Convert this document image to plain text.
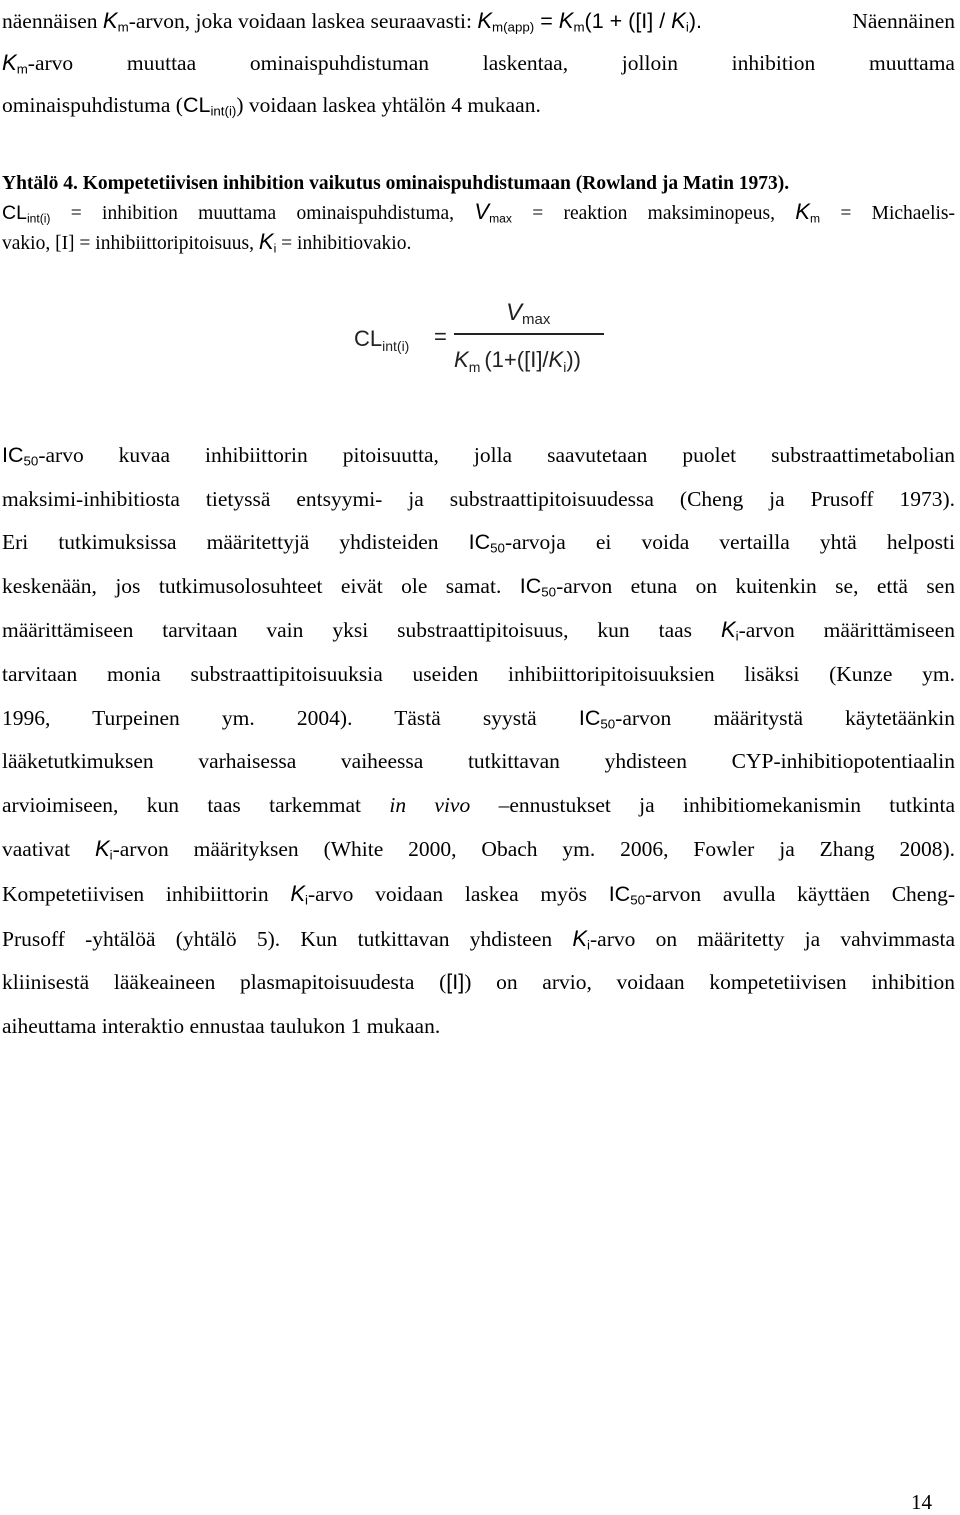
näennäisen $K_m$-arvon, joka voidaan laskea seuraavasti: $K_{m(app)} = K_m(1 + ([I] / K_i)$.	Näennäinen
$K_m$-arvo muuttaa ominaispuhdistuman laskentaa, jolloin inhibition muuttama
ominaispuhdistuma $(CL_{int(i)})$ voidaan laskea yhtälön 4 mukaan.
Yhtälö 4. Kompetetiivisen inhibition vaikutus ominaispuhdistumaan (Rowland ja Matin 1973).
$CL_{int(i)}$ = inhibition muuttama ominaispuhdistuma, $V_{max}$ = reaktion maksiminopeus, $K_m$ = Michaelis-
vakio, [I] = inhibiittoripitoisuus, $K_i$ = inhibitiovakio.
$CL_{int(i)}$ =
Vmax
$K_m$ $(1+([I]/K_i))$
$IC_{50}$-arvo kuvaa inhibiittorin pitoisuutta, jolla saavutetaan puolet substraattimetabolian
maksimi-inhibitiosta tietyssä entsyymi- ja substraattipitoisuudessa (Cheng ja Prusoff 1973).
Eri tutkimuksissa määritettyjä yhdisteiden $IC_{50}$-arvoja ei voida vertailla yhtä helposti
keskenään, jos tutkimusolosuhteet eivät ole samat. $IC_{50}$-arvon etuna on kuitenkin se, että sen
määrittämiseen tarvitaan vain yksi substraattipitoisuus, kun taas $K_i$-arvon määrittämiseen
tarvitaan monia substraattipitoisuuksia useiden inhibiittoripitoisuuksien lisäksi (Kunze ym.
1996, Turpeinen ym. 2004). Tästä syystä $IC_{50}$-arvon määritystä käytetäänkin
lääketutkimuksen varhaisessa vaiheessa tutkittavan yhdisteen CYP-inhibitiopotentiaalin
arvioimiseen, kun taas tarkemmat in vivo –ennustukset ja inhibitiomekanismin tutkinta
vaativat $K_i$-arvon määrityksen (White 2000, Obach ym. 2006, Fowler ja Zhang 2008).
Kompetetiivisen inhibiittorin $K_i$-arvo voidaan laskea myös $IC_{50}$-arvon avulla käyttäen Cheng-
Prusoff -yhtälöä (yhtälö 5). Kun tutkittavan yhdisteen $K_i$-arvo on määritetty ja vahvimmasta
kliinisestä lääkeaineen plasmapitoisuudesta ([I]) on arvio, voidaan kompetetiivisen inhibition
aiheuttama interaktio ennustaa taulukon 1 mukaan.
14
